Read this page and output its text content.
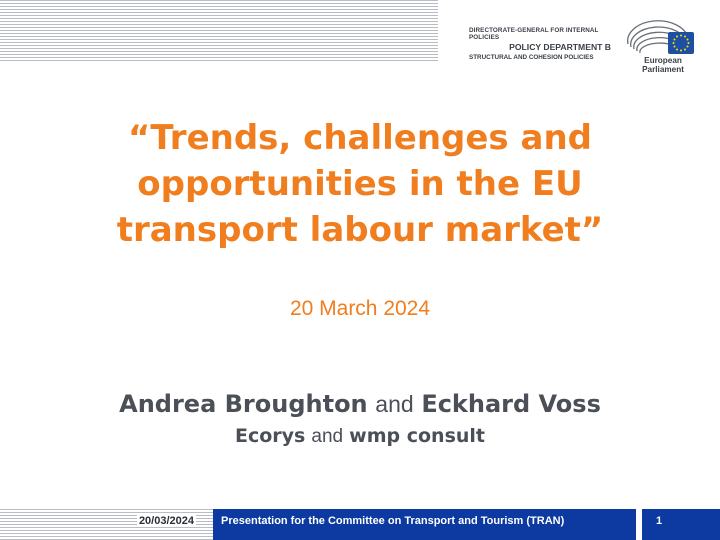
DIRECTORATE-GENERAL FOR INTERNAL POLICIES
POLICY DEPARTMENT B
STRUCTURAL AND COHESION POLICIES	European Parliament
“Trends, challenges and opportunities in the EU transport labour market”
20 March 2024
Andrea Broughton and Eckhard Voss
Ecorys and wmp consult
20/03/2024	Presentation for the Committee on Transport and Tourism (TRAN)	1
